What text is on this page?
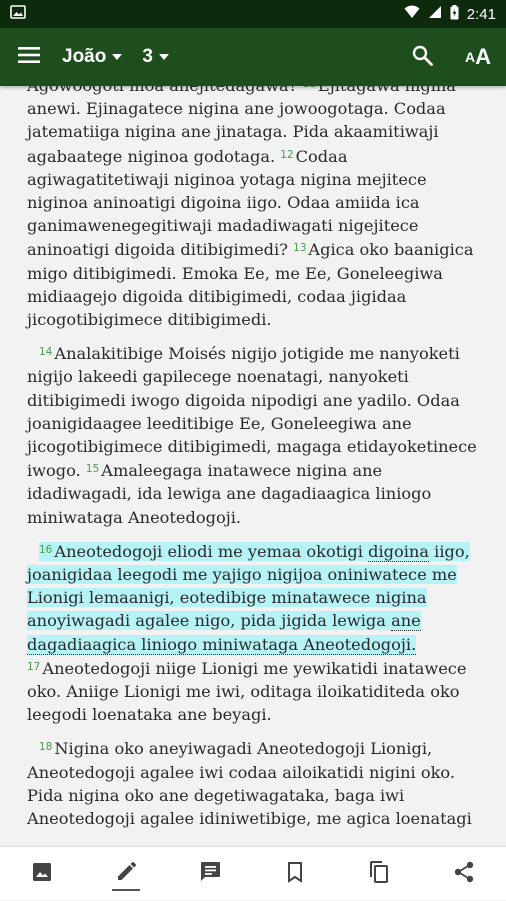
2:41
João 3	A A

anewi. Ejinagatece nigina ane jowoogotaga. Codaa jatematiiga nigina ane jinataga. Pida akaamitiwaji agabaatege niginoa godotaga. $^{12}$ Codaa agiwagatitetiwaji niginoa yotaga nigina mejitece niginoa aninoatigi digoina iigo. Odaa amiida ica ganimawenegegitiwaji madadiwagati nigejitece aninoatigi digoida ditibigimedi? $^{13}$ Agica oko baanigica migo ditibigimedi. Emoka Ee, me Ee, Goneleegiwa midiaagejo digoida ditibigimedi, codaa jigidaa jicogotibigimece ditibigimedi.

$^{14}$ Analakitibige Moisés nigijo jotigide me nanyoketi nigijo lakeedi gapilecege noenatagi, nanyoketi ditibigimedi iwogo digoida nipodigi ane yadilo. Odaa joanigidaagee leeditibige Ee, Goneleegiwa ane jicogotibigimece ditibigimedi, magaga etidayoketinece iwogo. $^{15}$ Amaleegaga inatawece nigina ane idadiwagadi, ida lewiga ane dagadiaagica liniogo miniwataga Aneotedogoji.

$^{16}$ Aneotedogoji eliodi me yemaa okotigi digoina iigo, joanigidaa leegodi me yajigo nigijoa oniniwatece me Lionigi lemaanigi, eotedibige minatawece nigina anoyiwagadi agalee nigo, pida jigida lewiga ane dagadiaagica liniogo miniwataga Aneotedogoji. $^{17}$ Aneotedogoji niige Lionigi me yewikatidi inatawece oko. Aniige Lionigi me iwi, oditaga iloikatiditeda oko leegodi loenataka ane beyagi.

$^{18}$ Nigina oko aneyiwagadi Aneotedogoji Lionigi, Aneotedogoji agalee iwi codaa ailoikatidi nigini oko. Pida nigina oko ane degetiwagataka, baga iwi Aneotedogoji agalee idiniwetibige, me agica loenatagi
